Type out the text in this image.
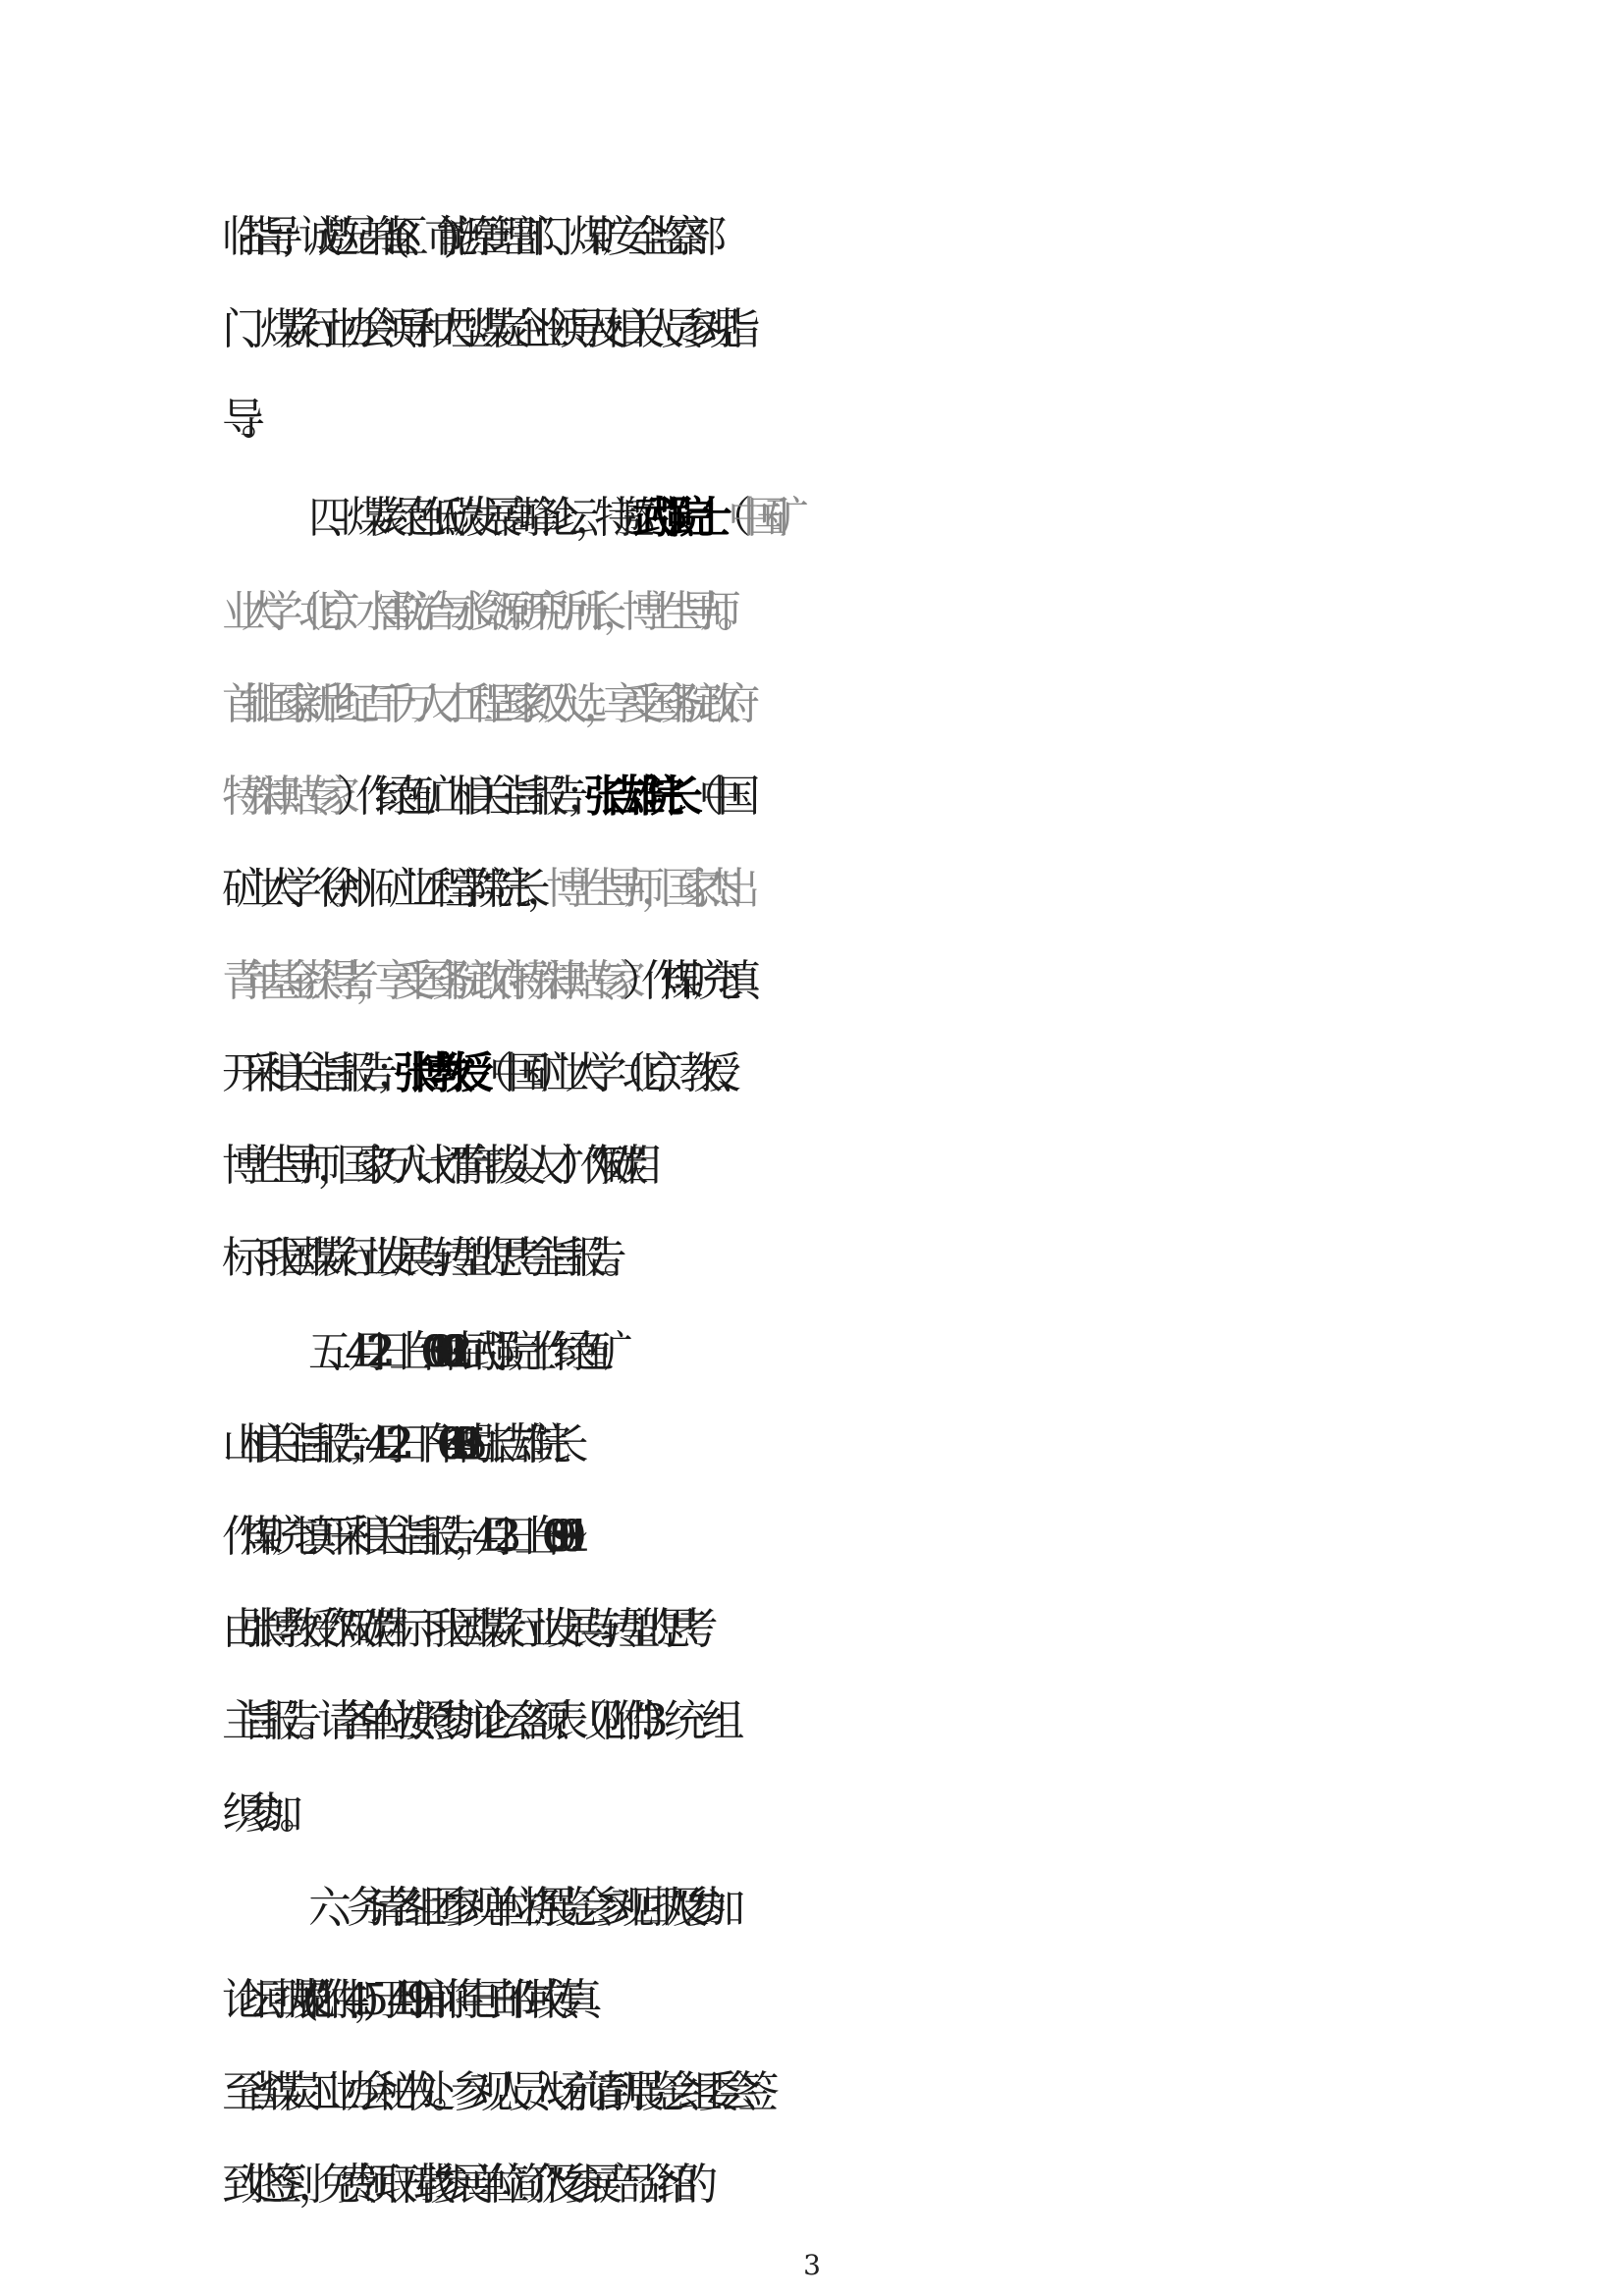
临指导；诚邀兄弟省(区、市)能源管理部门、煤矿安全监察部
门、煤炭行业协会领导和大型煤炭企业领导及相关人员参观指
导。
四、煤炭绿色低碳发展高峰论坛，特邀武强院士（中国矿
业大学（北京）水害防治与水资源研究所所长，博士生导师。
首批国家新世纪百千万人才工程国家级人选，享受国务院政府
特殊津贴专家）作绿色矿山相关主旨报告；张吉雄院长（中国
矿业大学（徐州）矿业工程学院院长，博士生导师，国家杰出
青年基金获得者，享受国务院政府特殊津贴专家）作煤矿充填
开采相关主旨报告；张博教授（中国矿业大学（北京）教授、
博士生导师，国家“万人计划”青年拔尖人才）作 “双碳”目
标下我国煤炭行业发展与转型的思考主旨报告。
五、4月22日上午10:00～12:00由武强院士作绿色矿
山相关主旨报告；4月22日下午14:00～15:30由张吉雄院长
作煤矿充填开采相关主旨报告，4月23日上午9:00～11:00
由张博教授作“双碳”目标下我国煤炭行业发展与转型的思考
主旨报告。请各单位按照参加论坛名额表（见附件3）统一组
织参加。
六、务请各组团参观单位将“展览会参观回执”及“参加
论坛回执表”(见附件4、5)，于4月19日前将电子邮件或传真
至省煤炭工业协会秘书处。参观人员入场前请到展览会组委会签
到处签到，免费领取刊载“参展单位简介”及参展产品介绍的
3
